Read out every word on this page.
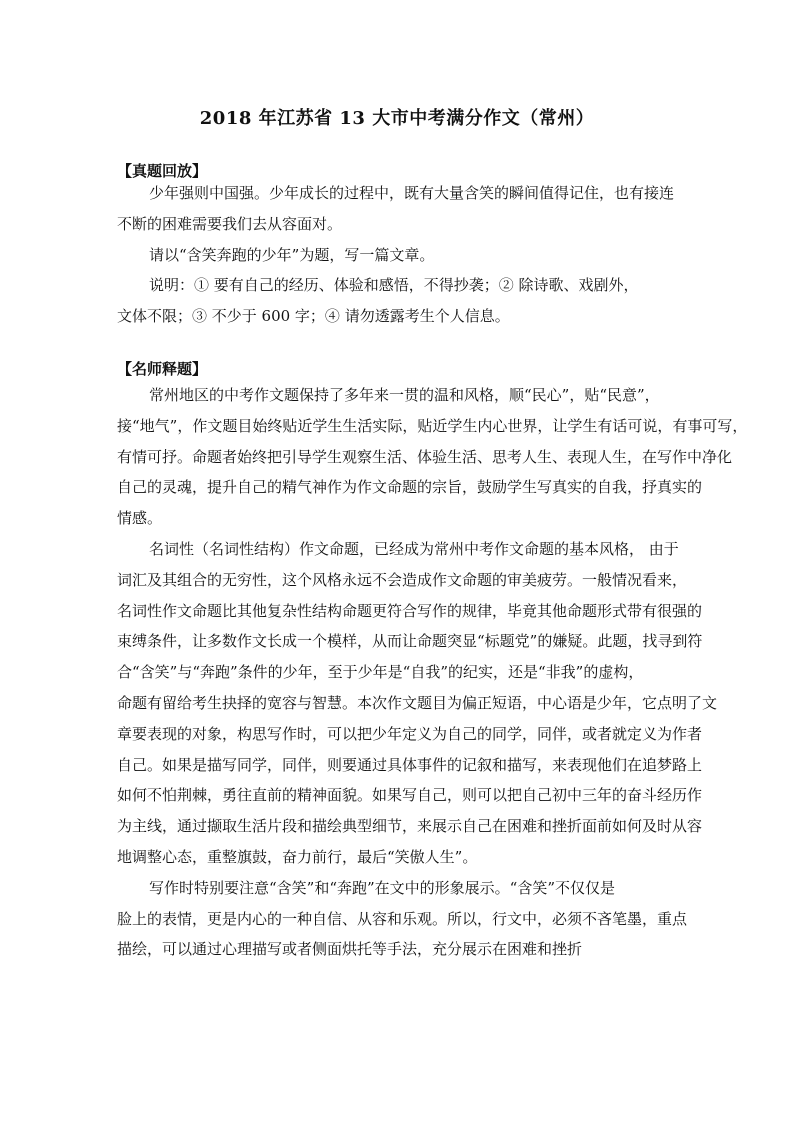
2018 年江苏省 13 大市中考满分作文（常州）
【真题回放】

少年强则中国强。少年成长的过程中，既有大量含笑的瞬间值得记住，也有接连

不断的困难需要我们去从容面对。

请以“含笑奔跑的少年”为题，写一篇文章。

说明：① 要有自己的经历、体验和感悟，不得抄袭；② 除诗歌、戏剧外，

文体不限；③ 不少于 600 字；④ 请勿透露考生个人信息。

【名师释题】

常州地区的中考作文题保持了多年来一贯的温和风格，顺“民心”，贴“民意”，

接“地气”，作文题目始终贴近学生生活实际，贴近学生内心世界，让学生有话可说，有事可写，

有情可抒。命题者始终把引导学生观察生活、体验生活、思考人生、表现人生，在写作中净化

自己的灵魂，提升自己的精气神作为作文命题的宗旨，鼓励学生写真实的自我，抒真实的

情感。

名词性（名词性结构）作文命题，已经成为常州中考作文命题的基本风格， 由于

词汇及其组合的无穷性，这个风格永远不会造成作文命题的审美疲劳。一般情况看来，

名词性作文命题比其他复杂性结构命题更符合写作的规律，毕竟其他命题形式带有很强的

束缚条件，让多数作文长成一个模样，从而让命题突显“标题党”的嫌疑。此题，找寻到符

合“含笑”与“奔跑”条件的少年，至于少年是“自我”的纪实，还是“非我”的虚构，

命题有留给考生抉择的宽容与智慧。本次作文题目为偏正短语，中心语是少年，它点明了文

章要表现的对象，构思写作时，可以把少年定义为自己的同学，同伴，或者就定义为作者

自己。如果是描写同学，同伴，则要通过具体事件的记叙和描写，来表现他们在追梦路上

如何不怕荆棘，勇往直前的精神面貌。如果写自己，则可以把自己初中三年的奋斗经历作

为主线，通过撷取生活片段和描绘典型细节，来展示自己在困难和挫折面前如何及时从容

地调整心态，重整旗鼓，奋力前行，最后“笑傲人生”。

写作时特别要注意“含笑”和“奔跑”在文中的形象展示。“含笑”不仅仅是

脸上的表情，更是内心的一种自信、从容和乐观。所以，行文中，必须不吝笔墨，重点

描绘，可以通过心理描写或者侧面烘托等手法，充分展示在困难和挫折
